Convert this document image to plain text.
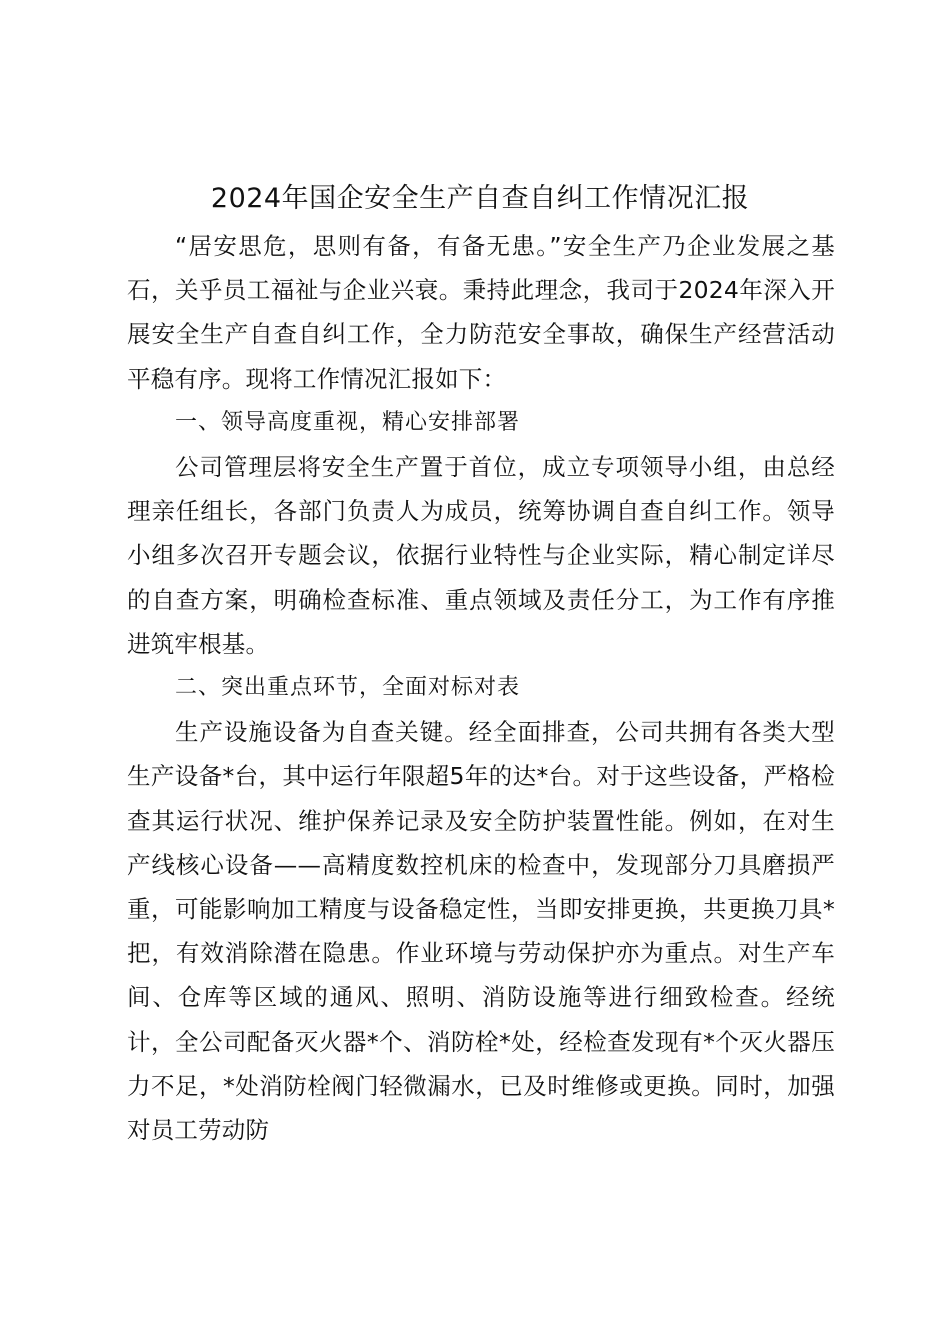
2024年国企安全生产自查自纠工作情况汇报

“居安思危，思则有备，有备无患。”安全生产乃企业发展之基石，关乎员工福祉与企业兴衰。秉持此理念，我司于2024年深入开展安全生产自查自纠工作，全力防范安全事故，确保生产经营活动平稳有序。现将工作情况汇报如下：

一、领导高度重视，精心安排部署

公司管理层将安全生产置于首位，成立专项领导小组，由总经理亲任组长，各部门负责人为成员，统筹协调自查自纠工作。领导小组多次召开专题会议，依据行业特性与企业实际，精心制定详尽的自查方案，明确检查标准、重点领域及责任分工，为工作有序推进筑牢根基。

二、突出重点环节，全面对标对表

生产设施设备为自查关键。经全面排查，公司共拥有各类大型生产设备*台，其中运行年限超5年的达*台。对于这些设备，严格检查其运行状况、维护保养记录及安全防护装置性能。例如，在对生产线核心设备——高精度数控机床的检查中，发现部分刀具磨损严重，可能影响加工精度与设备稳定性，当即安排更换，共更换刀具*把，有效消除潜在隐患。作业环境与劳动保护亦为重点。对生产车间、仓库等区域的通风、照明、消防设施等进行细致检查。经统计，全公司配备灭火器*个、消防栓*处，经检查发现有*个灭火器压力不足，*处消防栓阀门轻微漏水，已及时维修或更换。同时，加强对员工劳动防
